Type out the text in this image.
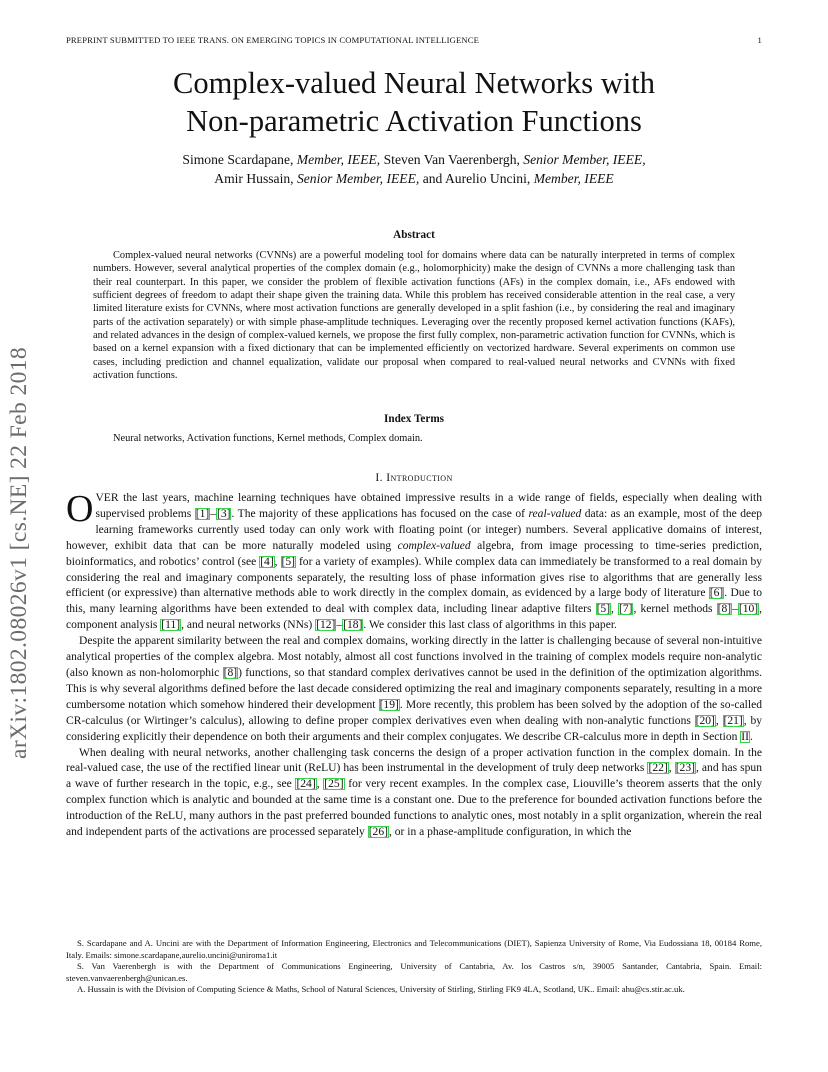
PREPRINT SUBMITTED TO IEEE TRANS. ON EMERGING TOPICS IN COMPUTATIONAL INTELLIGENCE	1
arXiv:1802.08026v1 [cs.NE] 22 Feb 2018
Complex-valued Neural Networks with
Non-parametric Activation Functions
Simone Scardapane, Member, IEEE, Steven Van Vaerenbergh, Senior Member, IEEE,
Amir Hussain, Senior Member, IEEE, and Aurelio Uncini, Member, IEEE
Abstract
Complex-valued neural networks (CVNNs) are a powerful modeling tool for domains where data can be naturally interpreted in terms of complex numbers. However, several analytical properties of the complex domain (e.g., holomorphicity) make the design of CVNNs a more challenging task than their real counterpart. In this paper, we consider the problem of flexible activation functions (AFs) in the complex domain, i.e., AFs endowed with sufficient degrees of freedom to adapt their shape given the training data. While this problem has received considerable attention in the real case, a very limited literature exists for CVNNs, where most activation functions are generally developed in a split fashion (i.e., by considering the real and imaginary parts of the activation separately) or with simple phase-amplitude techniques. Leveraging over the recently proposed kernel activation functions (KAFs), and related advances in the design of complex-valued kernels, we propose the first fully complex, non-parametric activation function for CVNNs, which is based on a kernel expansion with a fixed dictionary that can be implemented efficiently on vectorized hardware. Several experiments on common use cases, including prediction and channel equalization, validate our proposal when compared to real-valued neural networks and CVNNs with fixed activation functions.
Index Terms
Neural networks, Activation functions, Kernel methods, Complex domain.
I. Introduction

OVER the last years, machine learning techniques have obtained impressive results in a wide range of fields, especially when dealing with supervised problems [1]–[3]. The majority of these applications has focused on the case of real-valued data: as an example, most of the deep learning frameworks currently used today can only work with floating point (or integer) numbers. Several applicative domains of interest, however, exhibit data that can be more naturally modeled using complex-valued algebra, from image processing to time-series prediction, bioinformatics, and robotics’ control (see [4], [5] for a variety of examples). While complex data can immediately be transformed to a real domain by considering the real and imaginary components separately, the resulting loss of phase information gives rise to algorithms that are generally less efficient (or expressive) than alternative methods able to work directly in the complex domain, as evidenced by a large body of literature [6]. Due to this, many learning algorithms have been extended to deal with complex data, including linear adaptive filters [5], [7], kernel methods [8]–[10], component analysis [11], and neural networks (NNs) [12]–[18]. We consider this last class of algorithms in this paper.

Despite the apparent similarity between the real and complex domains, working directly in the latter is challenging because of several non-intuitive analytical properties of the complex algebra. Most notably, almost all cost functions involved in the training of complex models require non-analytic (also known as non-holomorphic [8]) functions, so that standard complex derivatives cannot be used in the definition of the optimization algorithms. This is why several algorithms defined before the last decade considered optimizing the real and imaginary components separately, resulting in a more cumbersome notation which somehow hindered their development [19]. More recently, this problem has been solved by the adoption of the so-called CR-calculus (or Wirtinger’s calculus), allowing to define proper complex derivatives even when dealing with non-analytic functions [20], [21], by considering explicitly their dependence on both their arguments and their complex conjugates. We describe CR-calculus more in depth in Section II.

When dealing with neural networks, another challenging task concerns the design of a proper activation function in the complex domain. In the real-valued case, the use of the rectified linear unit (ReLU) has been instrumental in the development of truly deep networks [22], [23], and has spun a wave of further research in the topic, e.g., see [24], [25] for very recent examples. In the complex case, Liouville’s theorem asserts that the only complex function which is analytic and bounded at the same time is a constant one. Due to the preference for bounded activation functions before the introduction of the ReLU, many authors in the past preferred bounded functions to analytic ones, most notably in a split organization, wherein the real and independent parts of the activations are processed separately [26], or in a phase-amplitude configuration, in which the

S. Scardapane and A. Uncini are with the Department of Information Engineering, Electronics and Telecommunications (DIET), Sapienza University of Rome, Via Eudossiana 18, 00184 Rome, Italy. Emails: simone.scardapane,aurelio.uncini@uniroma1.it

S. Van Vaerenbergh is with the Department of Communications Engineering, University of Cantabria, Av. los Castros s/n, 39005 Santander, Cantabria, Spain. Email: steven.vanvaerenbergh@unican.es.

A. Hussain is with the Division of Computing Science & Maths, School of Natural Sciences, University of Stirling, Stirling FK9 4LA, Scotland, UK.. Email: ahu@cs.stir.ac.uk.
